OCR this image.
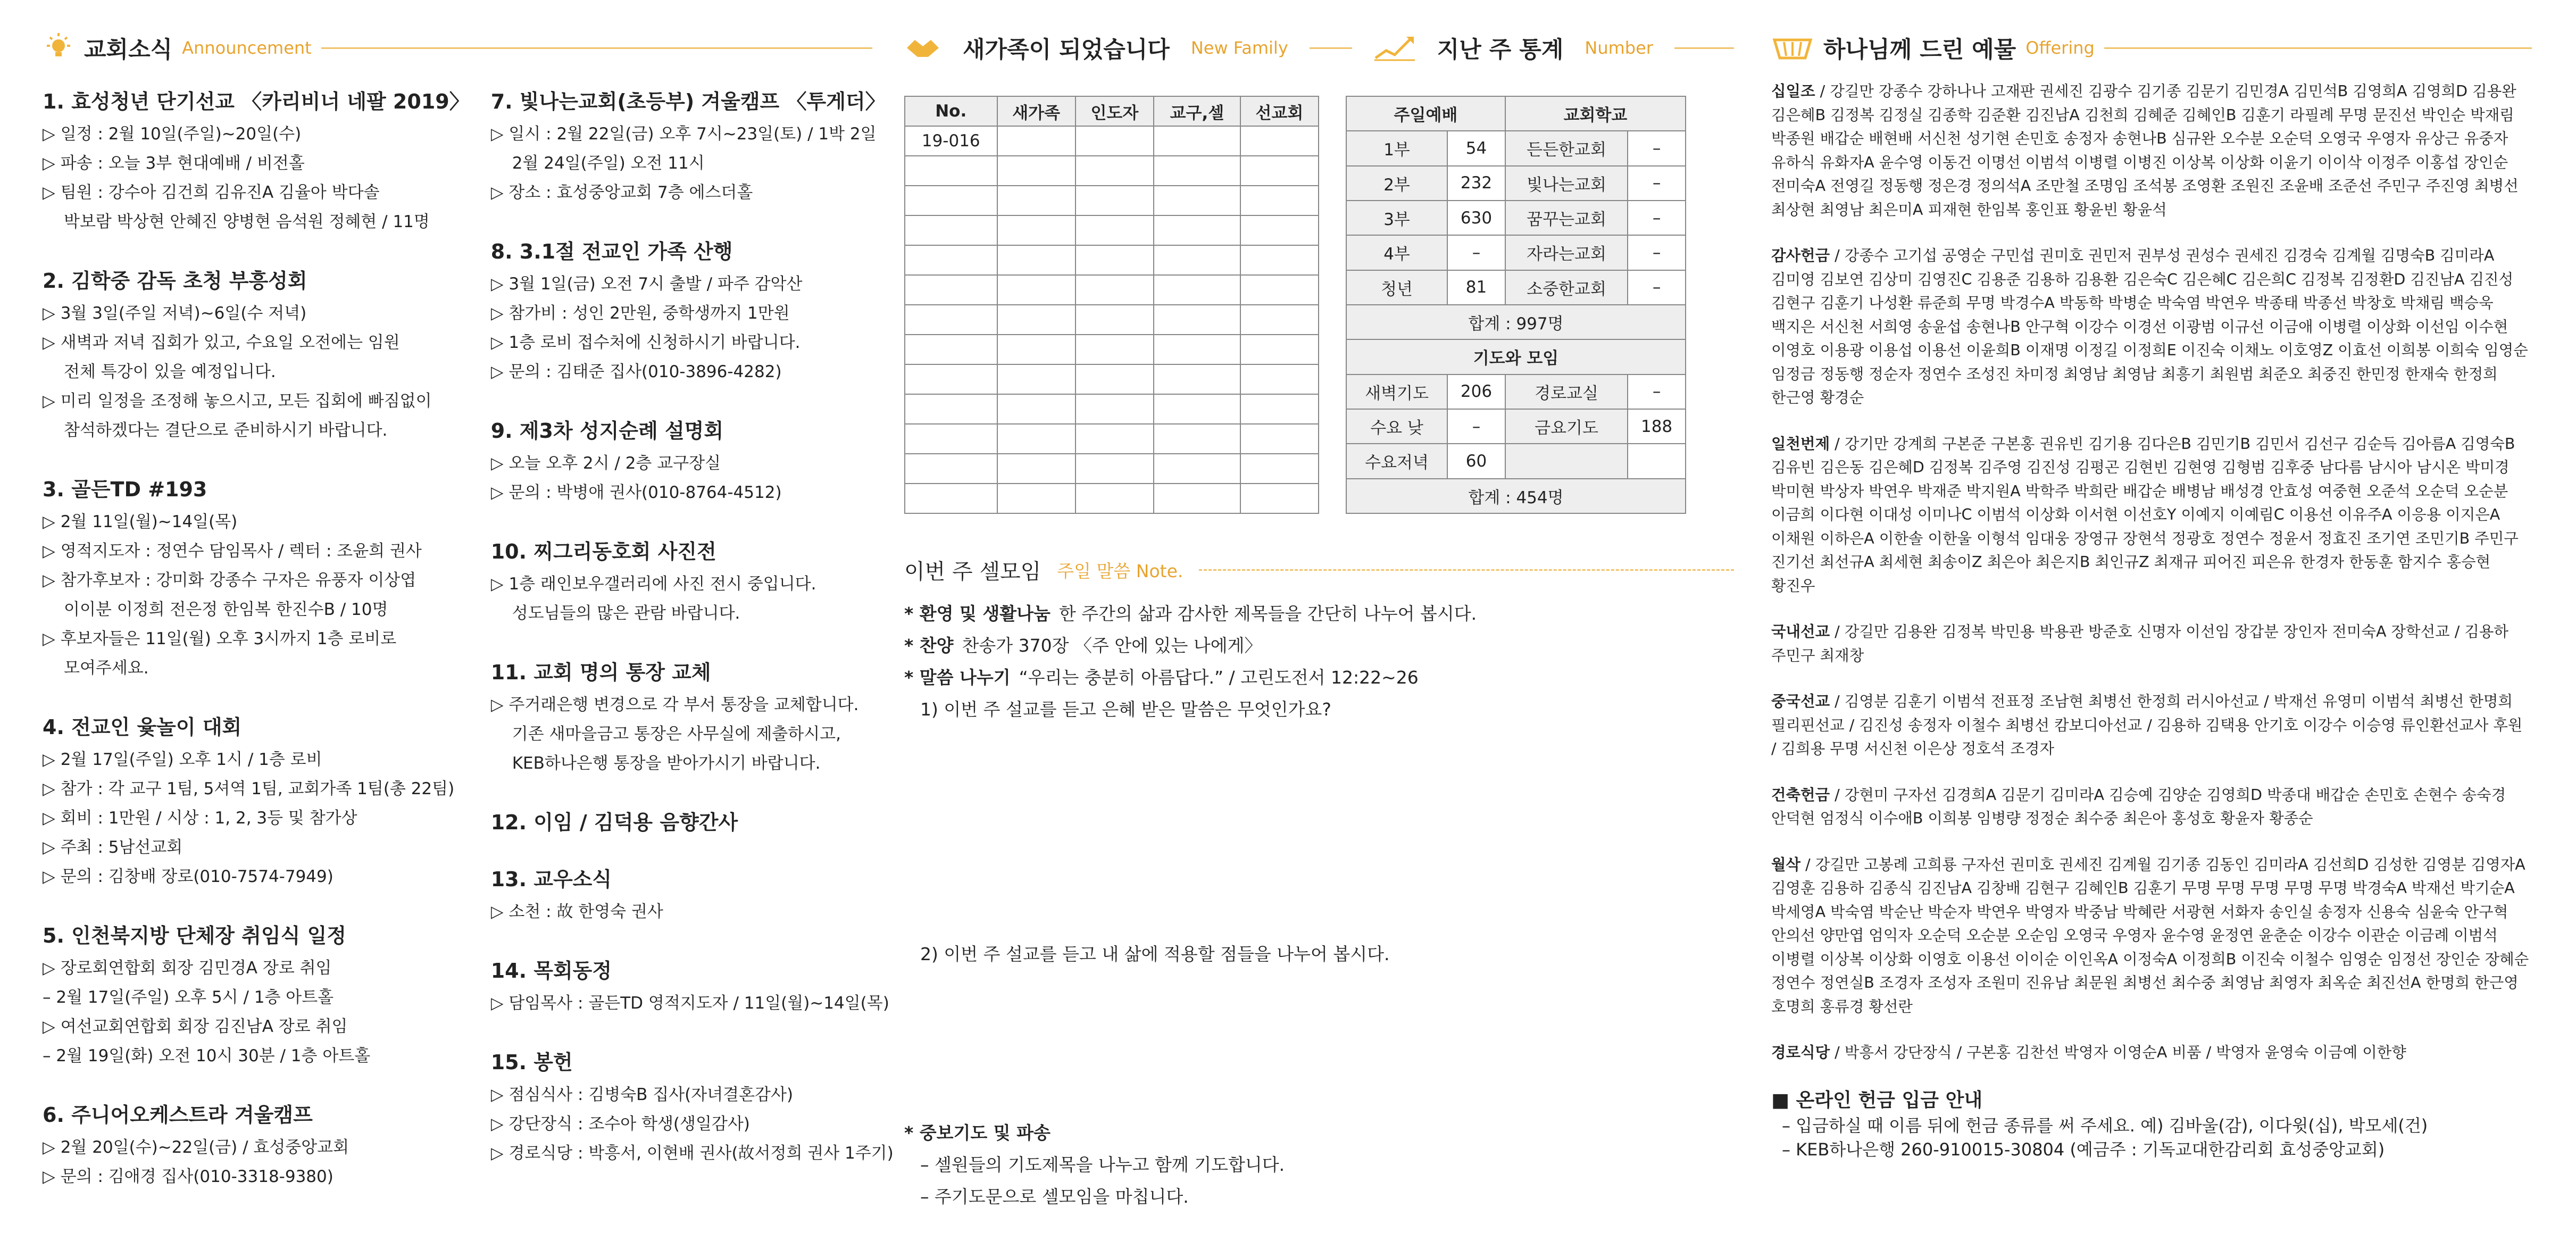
교회소식 Announcement
1. 효성청년 단기선교 〈카리비너 네팔 2019〉
▷ 일정 : 2월 10일(주일)~20일(수)
▷ 파송 : 오늘 3부 현대예배 / 비전홀
▷ 팀원 : 강수아 김건희 김유진A 김율아 박다솔
박보람 박상현 안혜진 양병현 음석원 정혜현 / 11명
2. 김학중 감독 초청 부흥성회
▷ 3월 3일(주일 저녁)~6일(수 저녁)
▷ 새벽과 저녁 집회가 있고, 수요일 오전에는 임원
전체 특강이 있을 예정입니다.
▷ 미리 일정을 조정해 놓으시고, 모든 집회에 빠짐없이
참석하겠다는 결단으로 준비하시기 바랍니다.
3. 골든TD #193
▷ 2월 11일(월)~14일(목)
▷ 영적지도자 : 정연수 담임목사 / 렉터 : 조윤희 권사
▷ 참가후보자 : 강미화 강종수 구자은 유풍자 이상엽
이이분 이정희 전은정 한임복 한진수B / 10명
▷ 후보자들은 11일(월) 오후 3시까지 1층 로비로
모여주세요.
4. 전교인 윷놀이 대회
▷ 2월 17일(주일) 오후 1시 / 1층 로비
▷ 참가 : 각 교구 1팀, 5셔역 1팀, 교회가족 1팀(총 22팀)
▷ 회비 : 1만원 / 시상 : 1, 2, 3등 및 참가상
▷ 주최 : 5남선교회
▷ 문의 : 김창배 장로(010-7574-7949)
5. 인천북지방 단체장 취임식 일정
▷ 장로회연합회 회장 김민경A 장로 취임
– 2월 17일(주일) 오후 5시 / 1층 아트홀
▷ 여선교회연합회 회장 김진남A 장로 취임
– 2월 19일(화) 오전 10시 30분 / 1층 아트홀
6. 주니어오케스트라 겨울캠프
▷ 2월 20일(수)~22일(금) / 효성중앙교회
▷ 문의 : 김애경 집사(010-3318-9380)
7. 빛나는교회(초등부) 겨울캠프 〈투게더〉
▷ 일시 : 2월 22일(금) 오후 7시~23일(토) / 1박 2일
2월 24일(주일) 오전 11시
▷ 장소 : 효성중앙교회 7층 에스더홀
8. 3.1절 전교인 가족 산행
▷ 3월 1일(금) 오전 7시 출발 / 파주 감악산
▷ 참가비 : 성인 2만원, 중학생까지 1만원
▷ 1층 로비 접수처에 신청하시기 바랍니다.
▷ 문의 : 김태준 집사(010-3896-4282)
9. 제3차 성지순례 설명회
▷ 오늘 오후 2시 / 2층 교구장실
▷ 문의 : 박병애 권사(010-8764-4512)
10. 찌그리동호회 사진전
▷ 1층 래인보우갤러리에 사진 전시 중입니다.
성도님들의 많은 관람 바랍니다.
11. 교회 명의 통장 교체
▷ 주거래은행 변경으로 각 부서 통장을 교체합니다.
기존 새마을금고 통장은 사무실에 제출하시고,
KEB하나은행 통장을 받아가시기 바랍니다.
12. 이임 / 김덕용 음향간사
13. 교우소식
▷ 소천 : 故 한영숙 권사
14. 목회동정
▷ 담임목사 : 골든TD 영적지도자 / 11일(월)~14일(목)
15. 봉헌
▷ 점심식사 : 김병숙B 집사(자녀결혼감사)
▷ 강단장식 : 조수아 학생(생일감사)
▷ 경로식당 : 박흥서, 이현배 권사(故서정희 권사 1주기)
새가족이 되었습니다 New Family	지난 주 통계 Number
No.	새가족	인도자	교구,셀	선교회
19-016				

주일예배		교회학교	
1부	54	든든한교회	–
2부	232	빛나는교회	–
3부	630	꿈꾸는교회	–
4부	–	자라는교회	–
청년	81	소중한교회	–
합계 : 997명			
기도와 모임			
새벽기도	206	경로교실	–
수요 낮	–	금요기도	188
수요저녁	60		
합계 : 454명			
이번 주 셀모임 주일 말씀 Note.
* 환영 및 생활나눔 한 주간의 삶과 감사한 제목들을 간단히 나누어 봅시다.
* 찬양 찬송가 370장 〈주 안에 있는 나에게〉
* 말씀 나누기 “우리는 충분히 아름답다.” / 고린도전서 12:22~26
1) 이번 주 설교를 듣고 은혜 받은 말씀은 무엇인가요?
2) 이번 주 설교를 듣고 내 삶에 적용할 점들을 나누어 봅시다.
* 중보기도 및 파송
– 셀원들의 기도제목을 나누고 함께 기도합니다.
– 주기도문으로 셀모임을 마칩니다.
하나님께 드린 예물 Offering
십일조 / 강길만 강종수 강하나나 고재판 권세진 김광수 김기종 김문기 김민경A 김민석B 김영희A 김영희D 김용완 김은혜B 김정복 김정실 김종학 김준환 김진남A 김천희 김혜준 김혜인B 김훈기 라필례 무명 문진선 박인순 박재림 박종원 배갑순 배현배 서신천 성기현 손민호 송정자 송현나B 심규완 오수분 오순덕 오영국 우영자 유상근 유중자 유하식 유화자A 윤수영 이동건 이명선 이범석 이병렬 이병진 이상복 이상화 이윤기 이이삭 이정주 이홍섭 장인순 전미숙A 전영길 정동행 정은경 정의석A 조만철 조명임 조석봉 조영환 조원진 조윤배 조준선 주민구 주진영 최병선 최상현 최영남 최은미A 피재현 한임복 홍인표 황윤빈 황윤석
감사헌금 / 강종수 고기섭 공영순 구민섭 권미호 권민저 권부성 권성수 권세진 김경숙 김계월 김명숙B 김미라A 김미영 김보연 김상미 김영진C 김용준 김용하 김용환 김은숙C 김은혜C 김은희C 김정복 김정환D 김진남A 김진성 김현구 김훈기 나성환 류준희 무명 박경수A 박동학 박병순 박숙염 박연우 박종태 박종선 박창호 박채림 백승욱 백지은 서신천 서희영 송윤섭 송현나B 안구혁 이강수 이경선 이광범 이규선 이금애 이병렬 이상화 이선임 이수현 이영호 이용광 이용섭 이용선 이윤희B 이재명 이정길 이정희E 이진숙 이채노 이호영Z 이효선 이희봉 이희숙 임영순 임정금 정동행 정순자 정연수 조성진 차미정 최영남 최영남 최흥기 최원범 최준오 최중진 한민정 한재숙 한정희 한근영 황경순
일천번제 / 강기만 강계희 구본준 구본홍 권유빈 김기용 김다은B 김민기B 김민서 김선구 김순득 김아름A 김영숙B 김유빈 김은동 김은혜D 김정복 김주영 김진성 김평곤 김현빈 김현영 김형범 김후중 남다름 남시아 남시온 박미경 박미현 박상자 박연우 박재준 박지원A 박학주 박희란 배갑순 배병남 배성경 안효성 여중현 오준석 오순덕 오순분 이금희 이다현 이대성 이미나C 이범석 이상화 이서현 이선호Y 이예지 이예림C 이용선 이유주A 이응용 이지은A 이채원 이하은A 이한솔 이한울 이형석 임대웅 장영규 장현석 정광호 정연수 정윤서 정효진 조기연 조민기B 주민구 진기선 최선규A 최세현 최송이Z 최은아 최은지B 최인규Z 최재규 피어진 피은유 한경자 한동훈 함지수 홍승현 황진우
국내선교 / 강길만 김용완 김정복 박민용 박용관 방준호 신명자 이선임 장갑분 장인자 전미숙A 장학선교 / 김용하 주민구 최재창
중국선교 / 김영분 김훈기 이범석 전표정 조남현 최병선 한정희 러시아선교 / 박재선 유영미 이범석 최병선 한명희 필리핀선교 / 김진성 송정자 이철수 최병선 캄보디아선교 / 김용하 김택용 안기호 이강수 이승영 류인환선교사 후원 / 김희용 무명 서신천 이은상 정호석 조경자
건축헌금 / 강현미 구자선 김경희A 김문기 김미라A 김승예 김양순 김영희D 박종대 배갑순 손민호 손현수 송숙경 안덕현 엄정식 이수애B 이희봉 임병량 정정순 최수중 최은아 홍성호 황윤자 황종순
월삭 / 강길만 고봉례 고희룡 구자선 권미호 권세진 김계월 김기종 김동인 김미라A 김선희D 김성한 김영분 김영자A 김영훈 김용하 김종식 김진남A 김창배 김현구 김혜인B 김훈기 무명 무명 무명 무명 무명 박경숙A 박재선 박기순A 박세영A 박숙염 박순난 박순자 박연우 박영자 박중남 박혜란 서광현 서화자 송인실 송정자 신용숙 심윤숙 안구혁 안의선 양만엽 엄익자 오순덕 오순분 오순임 오영국 우영자 윤수영 윤정연 윤춘순 이강수 이관순 이금례 이범석 이병렬 이상복 이상화 이영호 이용선 이이순 이인옥A 이정숙A 이정희B 이진숙 이철수 임영순 임정선 장인순 장혜순 정연수 정연실B 조경자 조성자 조원미 진유남 최문원 최병선 최수중 최영남 최영자 최옥순 최진선A 한명희 한근영 호명희 홍류경 황선란
경로식당 / 박흥서 강단장식 / 구본홍 김찬선 박영자 이영순A 비품 / 박영자 윤영숙 이금예 이한향
■ 온라인 헌금 입금 안내
– 입금하실 때 이름 뒤에 헌금 종류를 써 주세요. 예) 김바울(감), 이다윗(십), 박모세(건)
– KEB하나은행 260-910015-30804 (예금주 : 기독교대한감리회 효성중앙교회)
